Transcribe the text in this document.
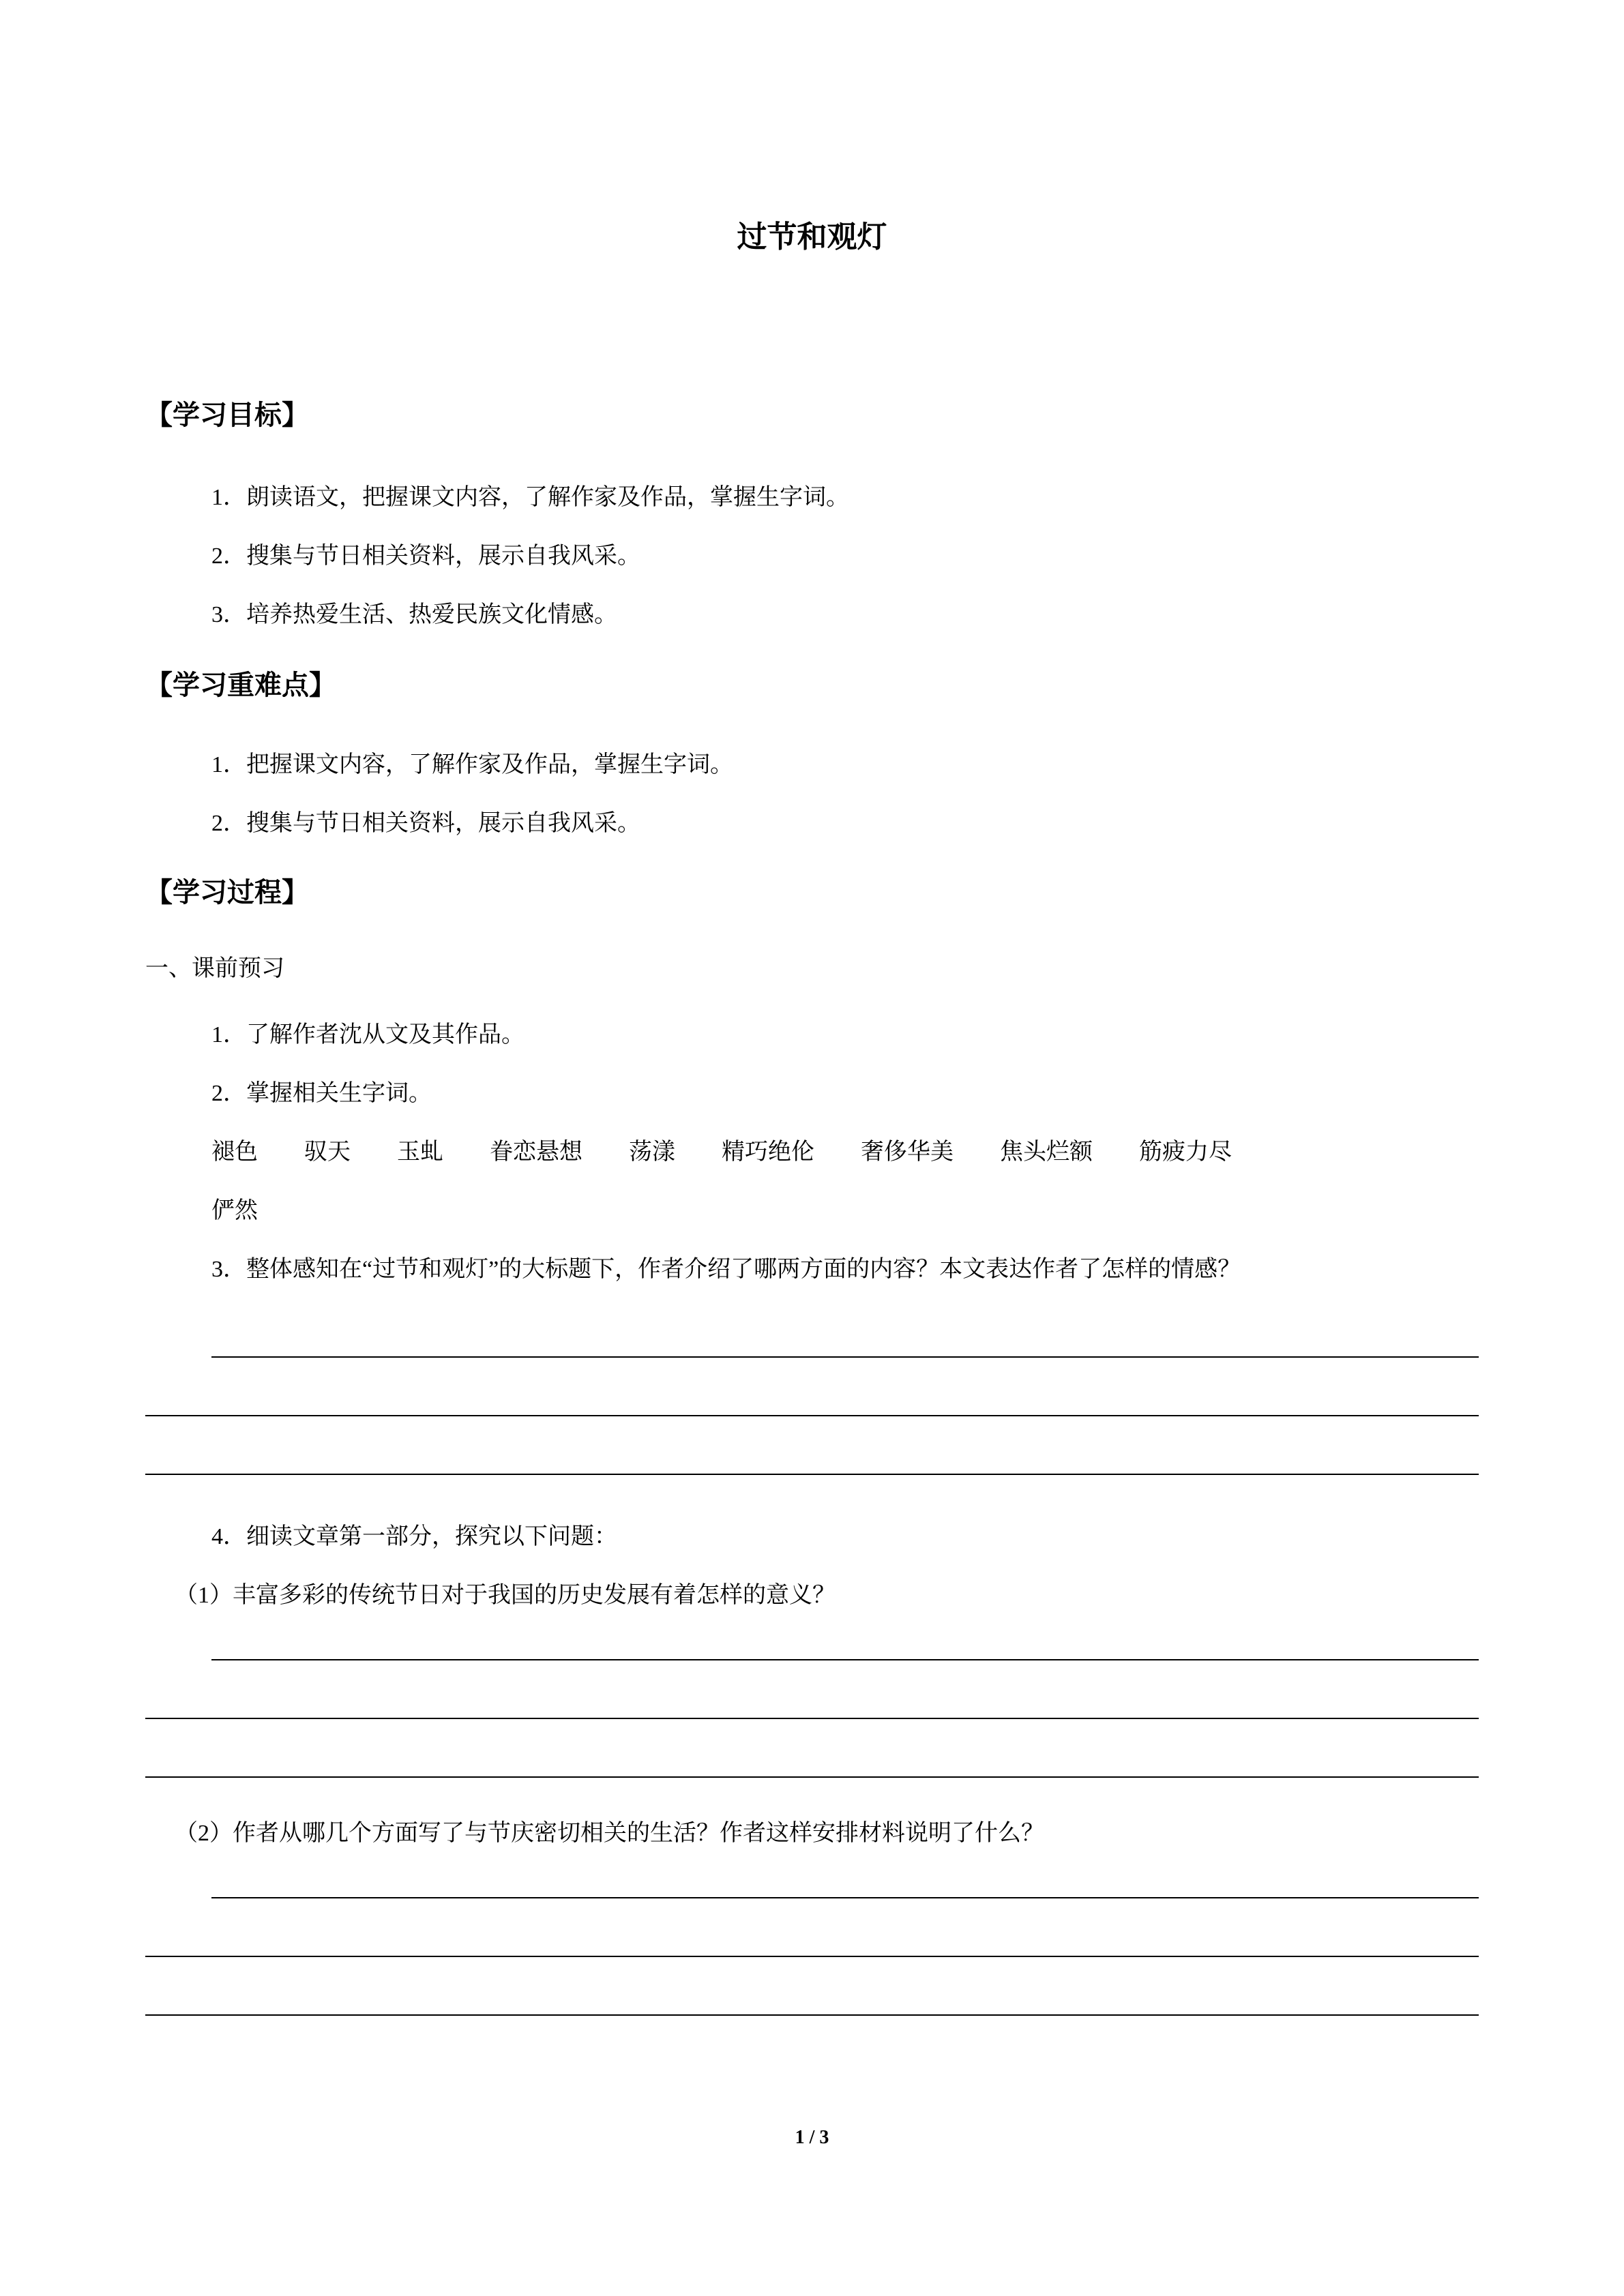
过节和观灯
【学习目标】
1．朗读语文，把握课文内容，了解作家及作品，掌握生字词。
2．搜集与节日相关资料，展示自我风采。
3．培养热爱生活、热爱民族文化情感。
【学习重难点】
1．把握课文内容，了解作家及作品，掌握生字词。
2．搜集与节日相关资料，展示自我风采。
【学习过程】
一、课前预习
1．了解作者沈从文及其作品。
2．掌握相关生字词。
褪色　　驭天　　玉虬　　眷恋悬想　　荡漾　　精巧绝伦　　奢侈华美　　焦头烂额　　筋疲力尽
俨然

3．整体感知在“过节和观灯”的大标题下，作者介绍了哪两方面的内容？本文表达作者了怎样的情感？

4．细读文章第一部分，探究以下问题：
（1）丰富多彩的传统节日对于我国的历史发展有着怎样的意义？
（2）作者从哪几个方面写了与节庆密切相关的生活？作者这样安排材料说明了什么？
1 / 3
